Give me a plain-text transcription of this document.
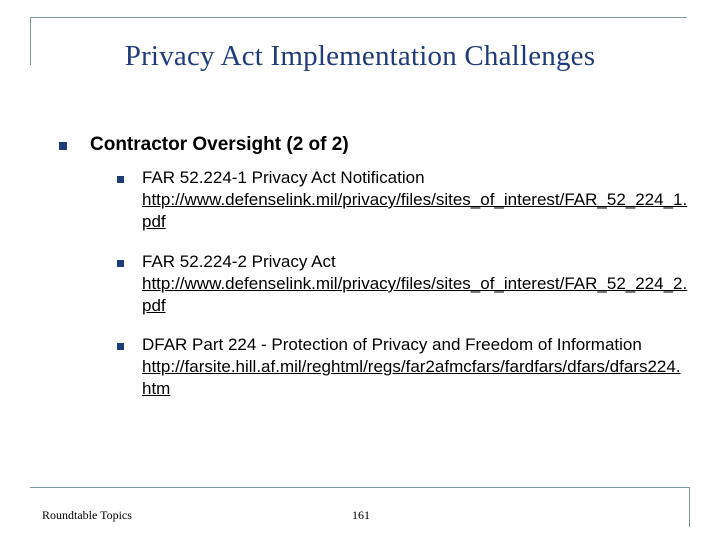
Privacy Act Implementation Challenges
Contractor Oversight (2 of 2)
FAR 52.224-1 Privacy Act Notification
http://www.defenselink.mil/privacy/files/sites_of_interest/FAR_52_224_1.pdf
FAR 52.224-2 Privacy Act
http://www.defenselink.mil/privacy/files/sites_of_interest/FAR_52_224_2.pdf
DFAR Part 224 - Protection of Privacy and Freedom of Information
http://farsite.hill.af.mil/reghtml/regs/far2afmcfars/fardfars/dfars/dfars224.htm
Roundtable Topics	161
